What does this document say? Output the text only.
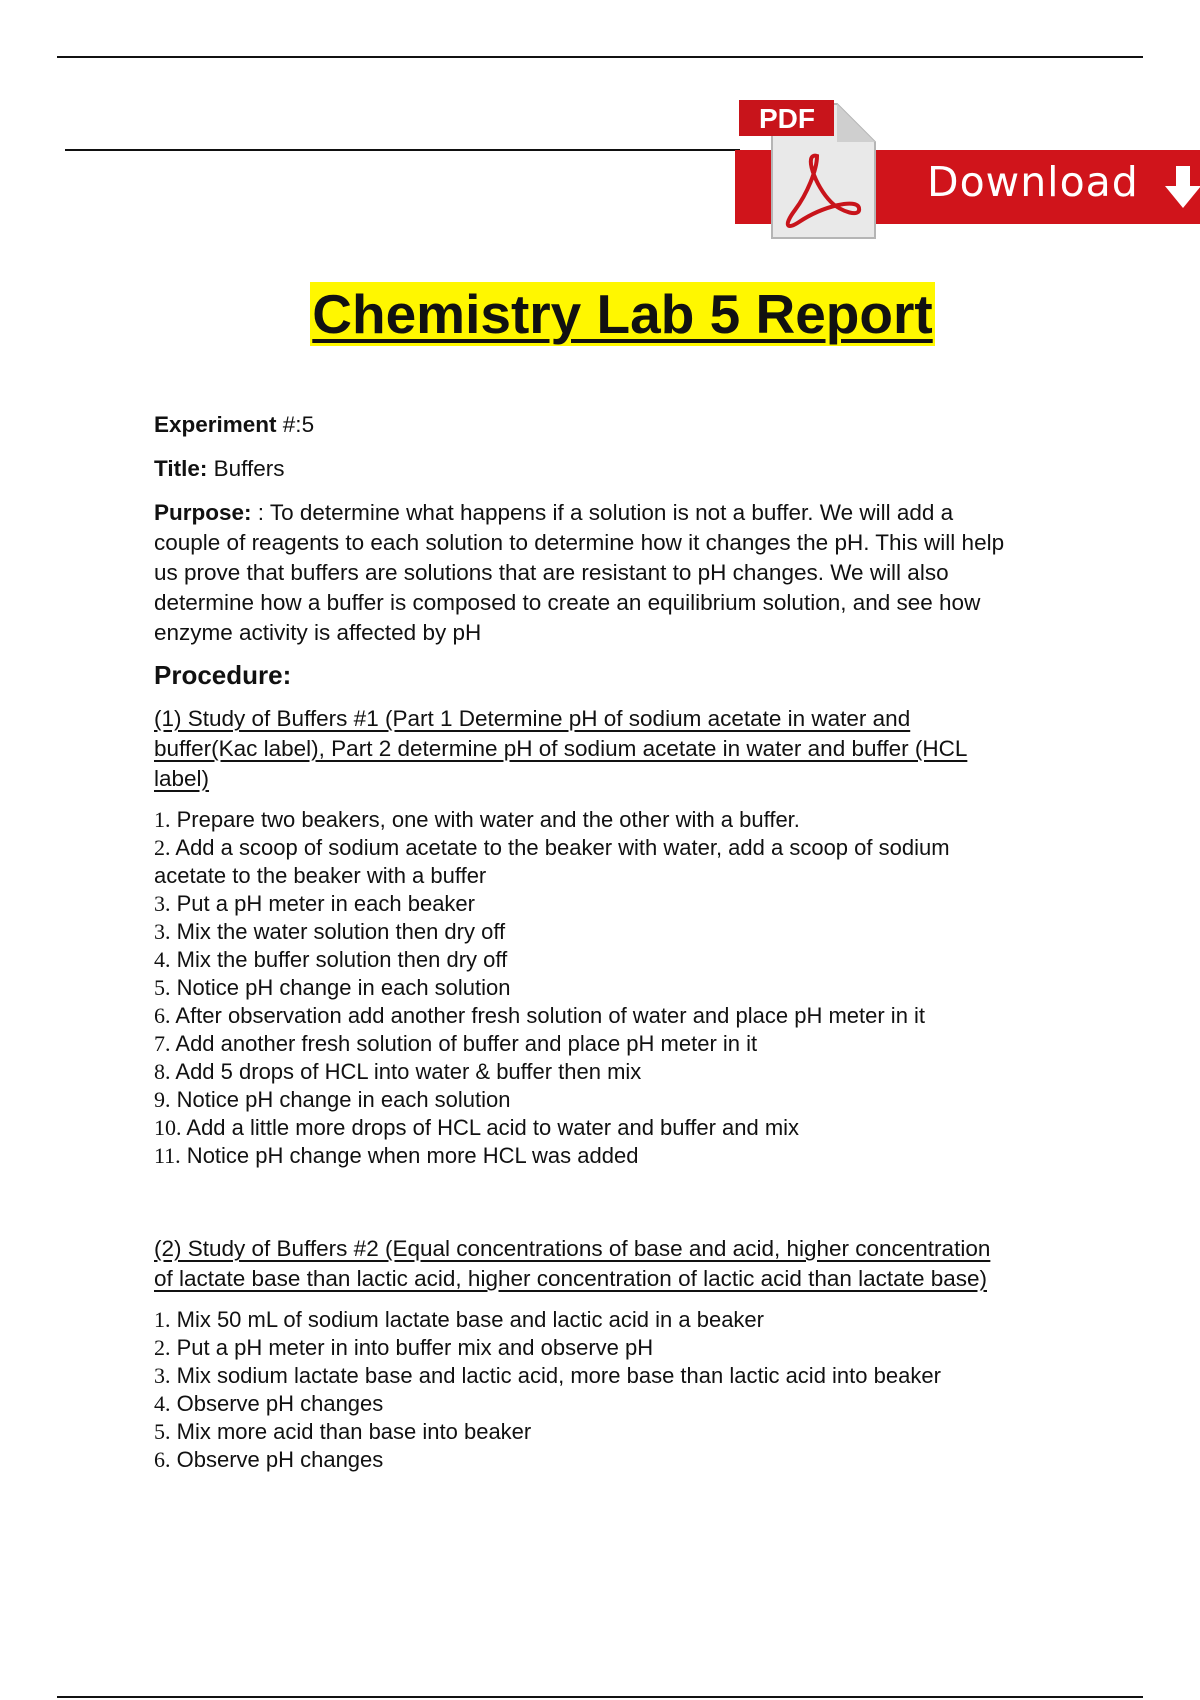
Download
PDF
Chemistry Lab 5 Report

Experiment #:5

Title: Buffers

Purpose: : To determine what happens if a solution is not a buffer. We will add a couple of reagents to each solution to determine how it changes the pH. This will help us prove that buffers are solutions that are resistant to pH changes. We will also determine how a buffer is composed to create an equilibrium solution, and see how enzyme activity is affected by pH

Procedure:

(1) Study of Buffers #1 (Part 1 Determine pH of sodium acetate in water and buffer(Kac label), Part 2 determine pH of sodium acetate in water and buffer (HCL label)

1. Prepare two beakers, one with water and the other with a buffer.
2. Add a scoop of sodium acetate to the beaker with water, add a scoop of sodium acetate to the beaker with a buffer
3. Put a pH meter in each beaker
3. Mix the water solution then dry off
4. Mix the buffer solution then dry off
5. Notice pH change in each solution
6. After observation add another fresh solution of water and place pH meter in it
7. Add another fresh solution of buffer and place pH meter in it
8. Add 5 drops of HCL into water & buffer then mix
9. Notice pH change in each solution
10. Add a little more drops of HCL acid to water and buffer and mix
11. Notice pH change when more HCL was added

(2) Study of Buffers #2 (Equal concentrations of base and acid, higher concentration of lactate base than lactic acid, higher concentration of lactic acid than lactate base)

1. Mix 50 mL of sodium lactate base and lactic acid in a beaker
2. Put a pH meter in into buffer mix and observe pH
3. Mix sodium lactate base and lactic acid, more base than lactic acid into beaker
4. Observe pH changes
5. Mix more acid than base into beaker
6. Observe pH changes
